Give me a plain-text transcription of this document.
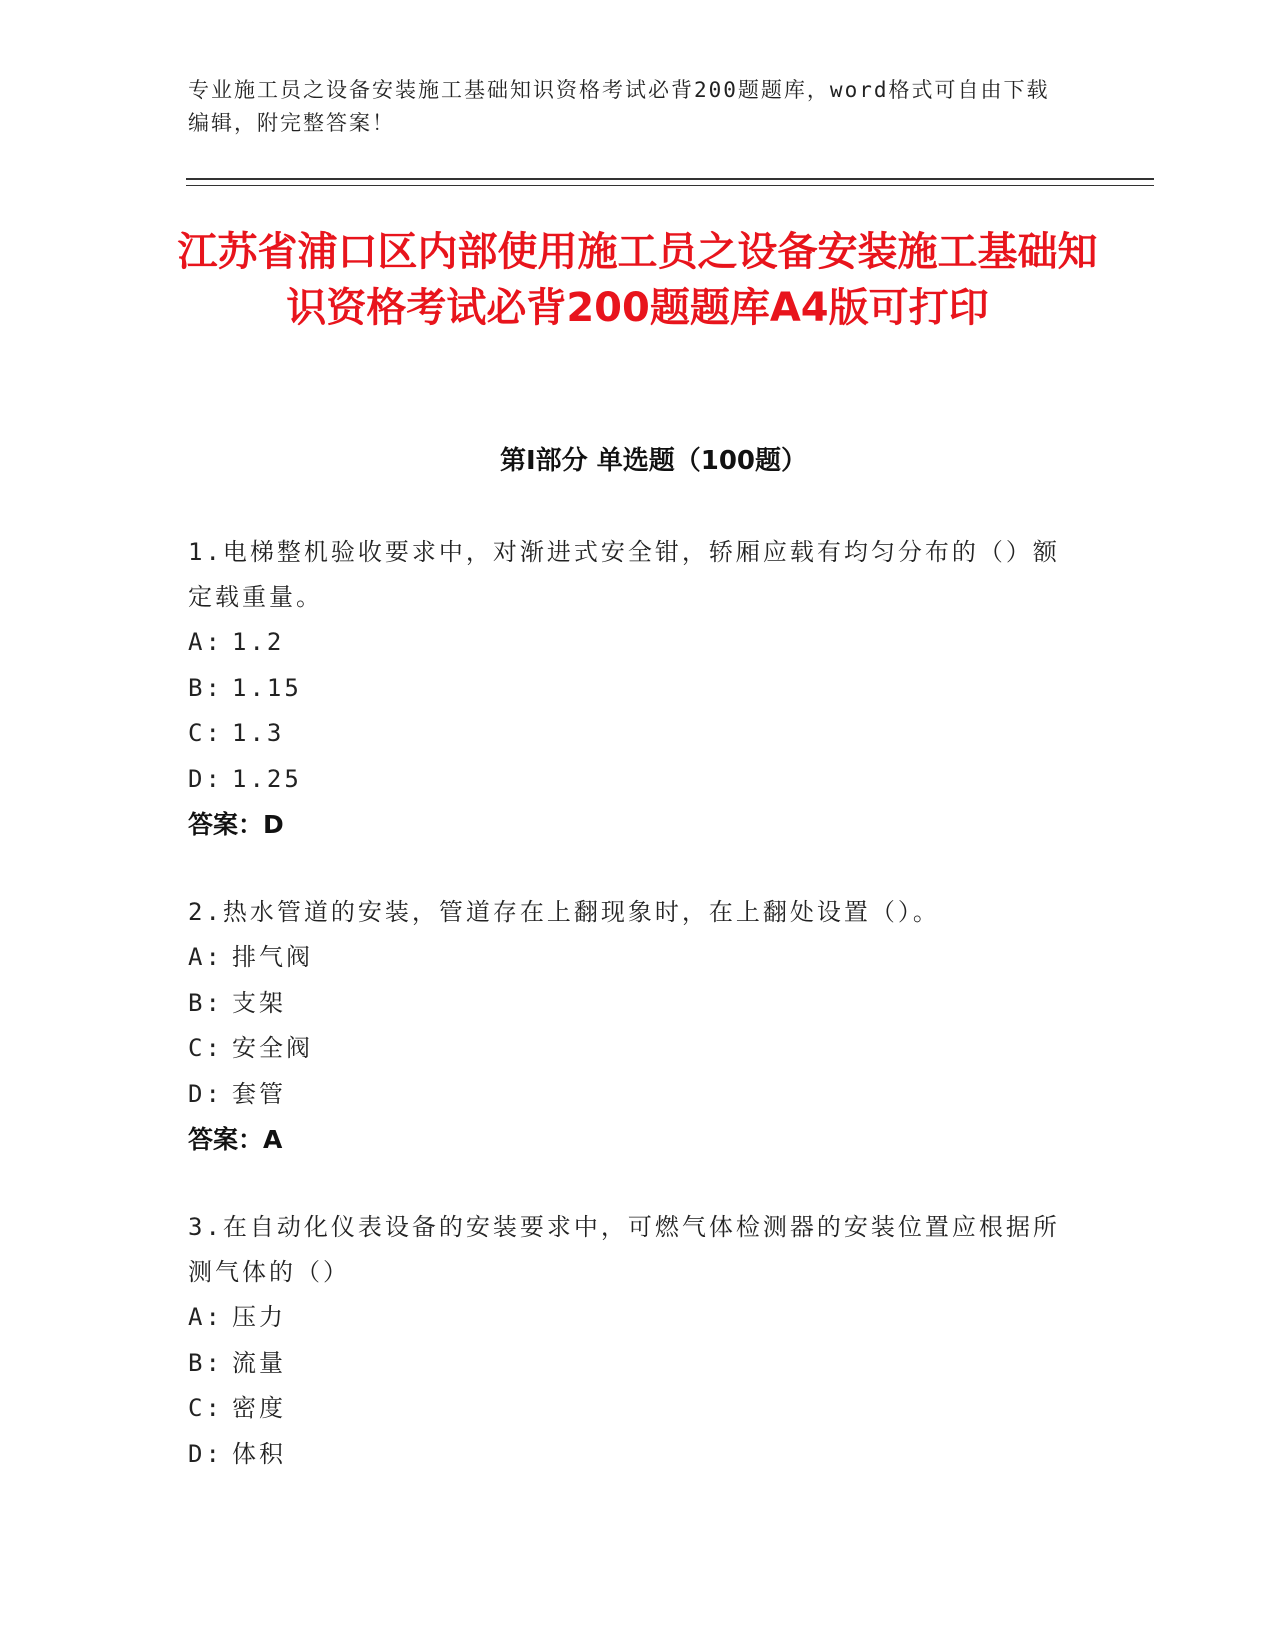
专业施工员之设备安装施工基础知识资格考试必背200题题库，word格式可自由下载编辑，附完整答案！
江苏省浦口区内部使用施工员之设备安装施工基础知识资格考试必背200题题库A4版可打印
第Ⅰ部分 单选题（100题）
1.电梯整机验收要求中，对渐进式安全钳，轿厢应载有均匀分布的（）额定载重量。
A: 1.2
B: 1.15
C: 1.3
D: 1.25
答案：D
2.热水管道的安装，管道存在上翻现象时，在上翻处设置（）。
A: 排气阀
B: 支架
C: 安全阀
D: 套管
答案：A
3.在自动化仪表设备的安装要求中，可燃气体检测器的安装位置应根据所测气体的（）
A: 压力
B: 流量
C: 密度
D: 体积
